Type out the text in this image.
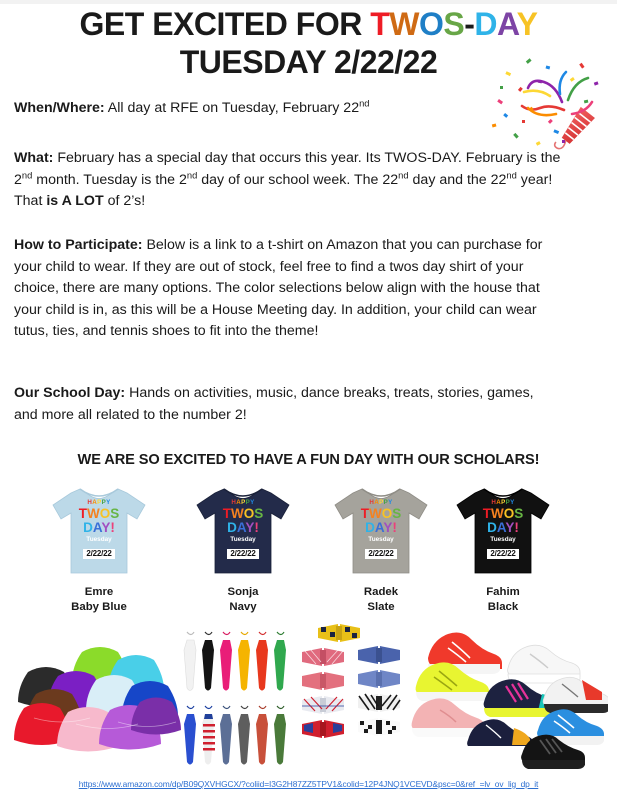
GET EXCITED FOR TWOS-DAY
TUESDAY 2/22/22
When/Where: All day at RFE on Tuesday, February 22nd
What: February has a special day that occurs this year. Its TWOS-DAY. February is the 2nd month. Tuesday is the 2nd day of our school week. The 22nd day and the 22nd year! That is A LOT of 2’s!
How to Participate: Below is a link to a t-shirt on Amazon that you can purchase for your child to wear. If they are out of stock, feel free to find a twos day shirt of your choice, there are many options. The color selections below align with the house that your child is in, as this will be a House Meeting day. In addition, your child can wear tutus, ties, and tennis shoes to fit into the theme!
Our School Day: Hands on activities, music, dance breaks, treats, stories, games, and more all related to the number 2!
WE ARE SO EXCITED TO HAVE A FUN DAY WITH OUR SCHOLARS!
HAPPY
TWOS
DAY!
Tuesday
2/22/22
Emre
Baby Blue
HAPPY
TWOS
DAY!
Tuesday
2/22/22
Sonja
Navy
HAPPY
TWOS
DAY!
Tuesday
2/22/22
Radek
Slate
HAPPY
TWOS
DAY!
Tuesday
2/22/22
Fahim
Black
https://www.amazon.com/dp/B09QXVHGCX/?coliid=I3G2H87ZZ5TPV1&colid=12P4JNQ1VCEVD&psc=0&ref_=lv_ov_lig_dp_it
